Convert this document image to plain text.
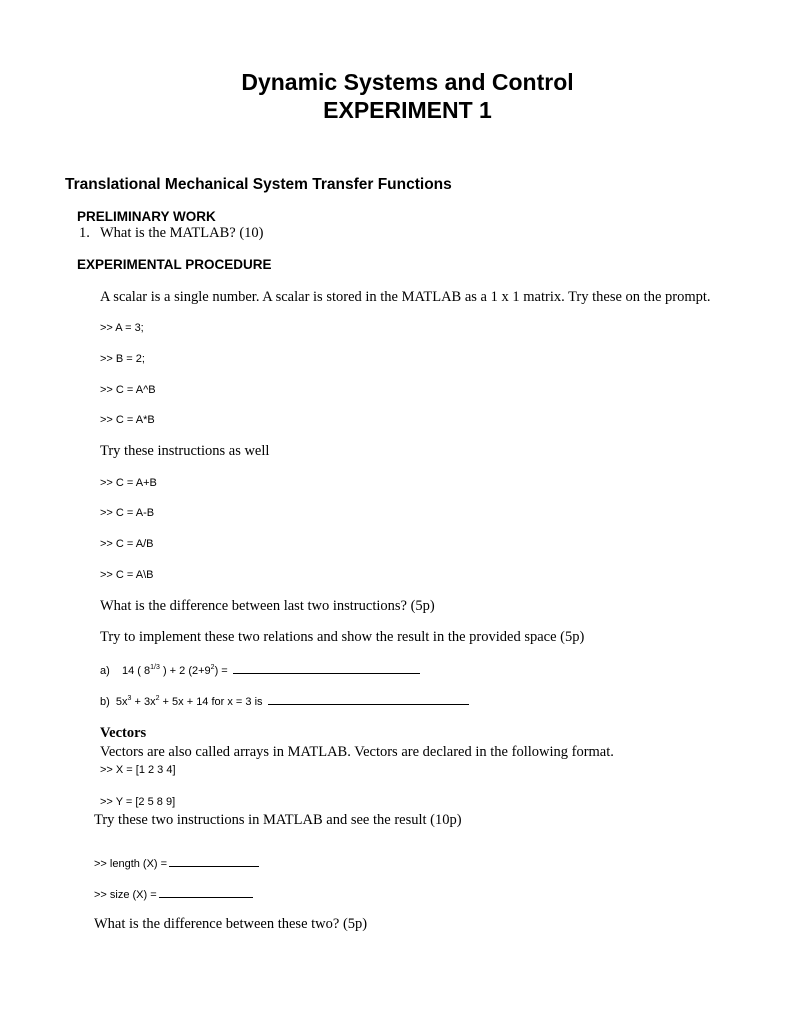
Dynamic Systems and Control
EXPERIMENT 1
Translational Mechanical System Transfer Functions
PRELIMINARY WORK
1. What is the MATLAB? (10)
EXPERIMENTAL PROCEDURE
A scalar is a single number. A scalar is stored in the MATLAB as a 1 x 1 matrix. Try these on the prompt.
>> A = 3;
>> B = 2;
>> C = A^B
>> C = A*B
Try these instructions as well
>> C = A+B
>> C = A-B
>> C = A/B
>> C = A\B
What is the difference between last two instructions? (5p)
Try to implement these two relations and show the result in the provided space (5p)
a) 14 ( $8^{1/3}$ ) + 2 $(2+9^2)$ =
b) $5x^3 + 3x^2 + 5x + 14$ for x = 3 is
Vectors
Vectors are also called arrays in MATLAB. Vectors are declared in the following format.
>> X = [1 2 3 4]
>> Y = [2 5 8 9]
Try these two instructions in MATLAB and see the result (10p)
>> length (X) =
>> size (X) =
What is the difference between these two? (5p)
